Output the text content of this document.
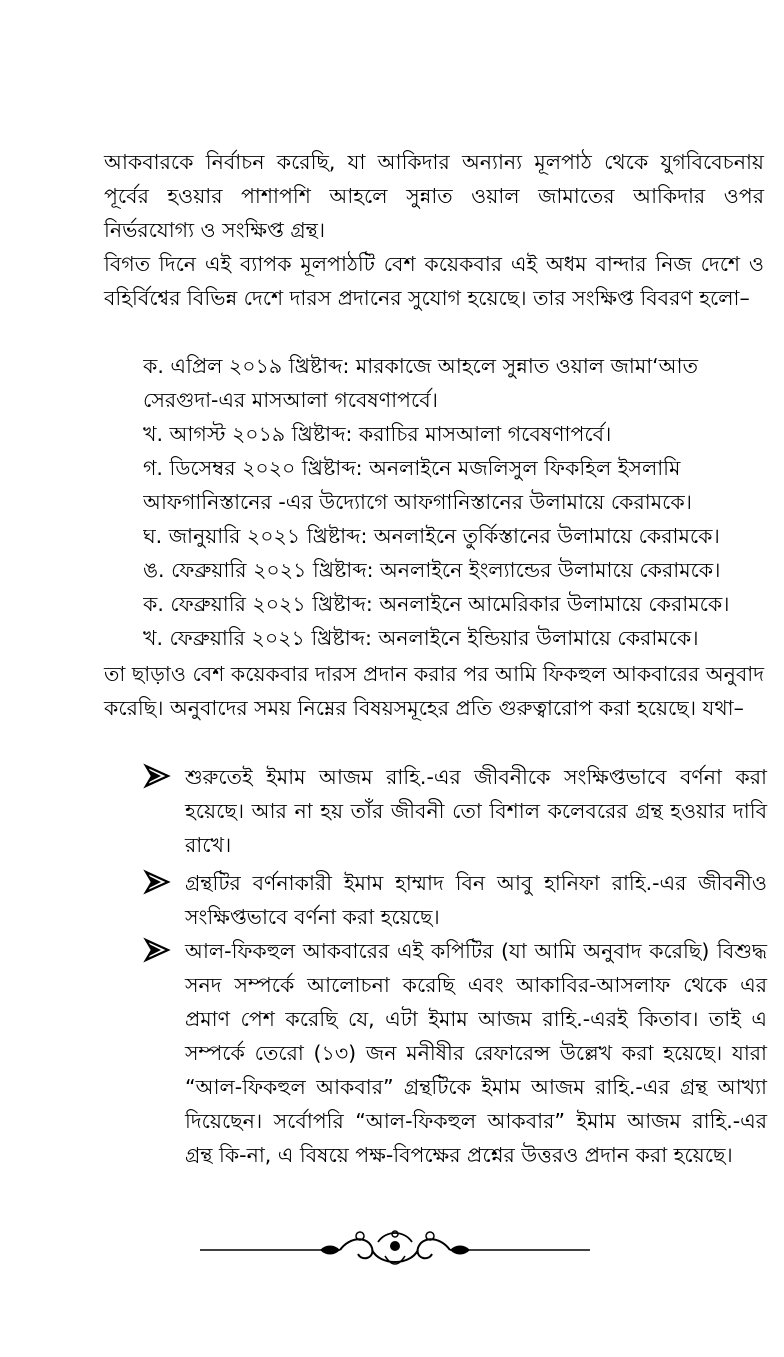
আকবারকে নির্বাচন করেছি, যা আকিদার অন্যান্য মূলপাঠ থেকে যুগবিবেচনায় পূর্বের হওয়ার পাশাপশি আহলে সুন্নাত ওয়াল জামাতের আকিদার ওপর নির্ভরযোগ্য ও সংক্ষিপ্ত গ্রন্থ।

বিগত দিনে এই ব্যাপক মূলপাঠটি বেশ কয়েকবার এই অধম বান্দার নিজ দেশে ও বহির্বিশ্বের বিভিন্ন দেশে দারস প্রদানের সুযোগ হয়েছে। তার সংক্ষিপ্ত বিবরণ হলো–

ক. এপ্রিল ২০১৯ খ্রিষ্টাব্দ: মারকাজে আহলে সুন্নাত ওয়াল জামা‘আত

সেরগুদা-এর মাসআলা গবেষণাপর্বে।

খ. আগস্ট ২০১৯ খ্রিষ্টাব্দ: করাচির মাসআলা গবেষণাপর্বে।

গ. ডিসেম্বর ২০২০ খ্রিষ্টাব্দ: অনলাইনে মজলিসুল ফিকহিল ইসলামি

আফগানিস্তানের -এর উদ্যোগে আফগানিস্তানের উলামায়ে কেরামকে।

ঘ. জানুয়ারি ২০২১ খ্রিষ্টাব্দ: অনলাইনে তুর্কিস্তানের উলামায়ে কেরামকে।

ঙ. ফেব্রুয়ারি ২০২১ খ্রিষ্টাব্দ: অনলাইনে ইংল্যান্ডের উলামায়ে কেরামকে।

ক. ফেব্রুয়ারি ২০২১ খ্রিষ্টাব্দ: অনলাইনে আমেরিকার উলামায়ে কেরামকে।

খ. ফেব্রুয়ারি ২০২১ খ্রিষ্টাব্দ: অনলাইনে ইন্ডিয়ার উলামায়ে কেরামকে।

তা ছাড়াও বেশ কয়েকবার দারস প্রদান করার পর আমি ফিকহুল আকবারের অনুবাদ করেছি। অনুবাদের সময় নিম্নের বিষয়সমূহের প্রতি গুরুত্বারোপ করা হয়েছে। যথা–

শুরুতেই ইমাম আজম রাহি.-এর জীবনীকে সংক্ষিপ্তভাবে বর্ণনা করা হয়েছে। আর না হয় তাঁর জীবনী তো বিশাল কলেবরের গ্রন্থ হওয়ার দাবি রাখে।

গ্রন্থটির বর্ণনাকারী ইমাম হাম্মাদ বিন আবু হানিফা রাহি.-এর জীবনীও সংক্ষিপ্তভাবে বর্ণনা করা হয়েছে।

আল-ফিকহুল আকবারের এই কপিটির (যা আমি অনুবাদ করেছি) বিশুদ্ধ সনদ সম্পর্কে আলোচনা করেছি এবং আকাবির-আসলাফ থেকে এর প্রমাণ পেশ করেছি যে, এটা ইমাম আজম রাহি.-এরই কিতাব। তাই এ সম্পর্কে তেরো (১৩) জন মনীষীর রেফারেন্স উল্লেখ করা হয়েছে। যারা “আল-ফিকহুল আকবার” গ্রন্থটিকে ইমাম আজম রাহি.-এর গ্রন্থ আখ্যা দিয়েছেন। সর্বোপরি “আল-ফিকহুল আকবার” ইমাম আজম রাহি.-এর গ্রন্থ কি-না, এ বিষয়ে পক্ষ-বিপক্ষের প্রশ্নের উত্তরও প্রদান করা হয়েছে।
